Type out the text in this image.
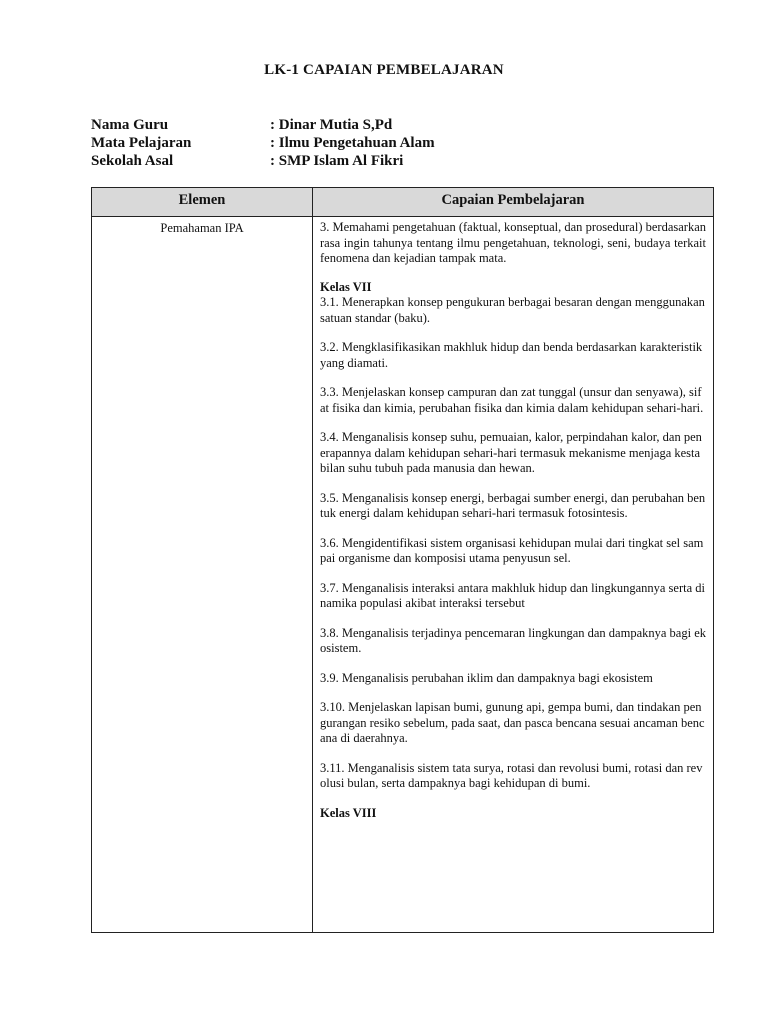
LK-1 CAPAIAN PEMBELAJARAN
Nama Guru	: Dinar Mutia S,Pd
Mata Pelajaran	: Ilmu Pengetahuan Alam
Sekolah Asal	: SMP Islam Al Fikri
Elemen	Capaian Pembelajaran
Pemahaman IPA	3. Memahami pengetahuan (faktual, konseptual, dan prosedural) berdasarkan rasa ingin tahunya tentang ilmu pengetahuan, teknologi, seni, budaya terkait fenomena dan kejadian tampak mata.

Kelas VII

3.1. Menerapkan konsep pengukuran berbagai besaran dengan menggunakan satuan standar (baku).

3.2. Mengklasifikasikan makhluk hidup dan benda berdasarkan karakteristik yang diamati.

3.3. Menjelaskan konsep campuran dan zat tunggal (unsur dan senyawa), sifat fisika dan kimia, perubahan fisika dan kimia dalam kehidupan sehari-hari.

3.4. Menganalisis konsep suhu, pemuaian, kalor, perpindahan kalor, dan penerapannya dalam kehidupan sehari-hari termasuk mekanisme menjaga kestabilan suhu tubuh pada manusia dan hewan.

3.5. Menganalisis konsep energi, berbagai sumber energi, dan perubahan bentuk energi dalam kehidupan sehari-hari termasuk fotosintesis.

3.6. Mengidentifikasi sistem organisasi kehidupan mulai dari tingkat sel sampai organisme dan komposisi utama penyusun sel.

3.7. Menganalisis interaksi antara makhluk hidup dan lingkungannya serta dinamika populasi akibat interaksi tersebut

3.8. Menganalisis terjadinya pencemaran lingkungan dan dampaknya bagi ekosistem.

3.9. Menganalisis perubahan iklim dan dampaknya bagi ekosistem

3.10. Menjelaskan lapisan bumi, gunung api, gempa bumi, dan tindakan pengurangan resiko sebelum, pada saat, dan pasca bencana sesuai ancaman bencana di daerahnya.

3.11. Menganalisis sistem tata surya, rotasi dan revolusi bumi, rotasi dan revolusi bulan, serta dampaknya bagi kehidupan di bumi.

Kelas VIII
